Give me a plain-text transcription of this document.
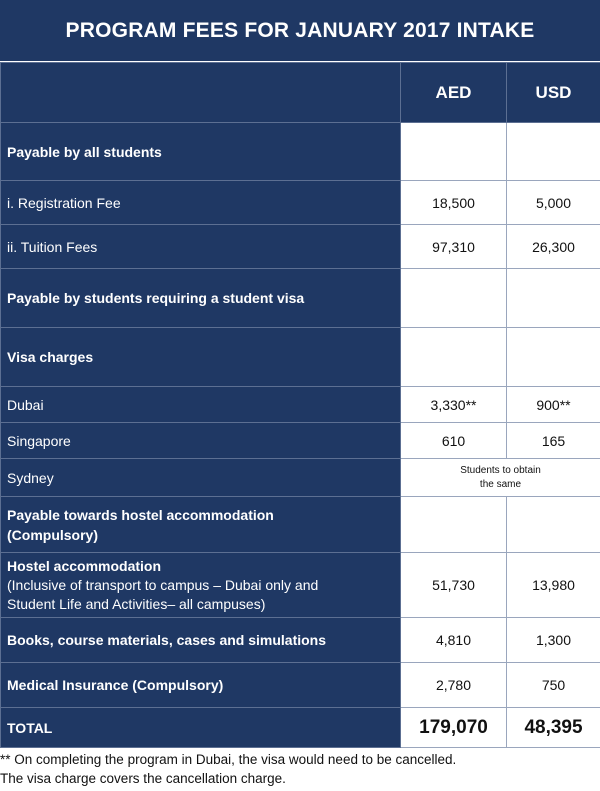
PROGRAM FEES FOR JANUARY 2017 INTAKE
	AED	USD
Payable by all students		
i. Registration Fee	18,500	5,000
ii. Tuition Fees	97,310	26,300
Payable by students requiring a student visa		
Visa charges		
Dubai	3,330**	900**
Singapore	610	165
Sydney	Students to obtain
the same	

Payable towards hostel accommodation
(Compulsory)		

Hostel accommodation
(Inclusive of transport to campus – Dubai only and
Student Life and Activities– all campuses)	51,730	13,980
Books, course materials, cases and simulations	4,810	1,300
Medical Insurance (Compulsory)	2,780	750
TOTAL	179,070	48,395
** On completing the program in Dubai, the visa would need to be cancelled.
The visa charge covers the cancellation charge.
